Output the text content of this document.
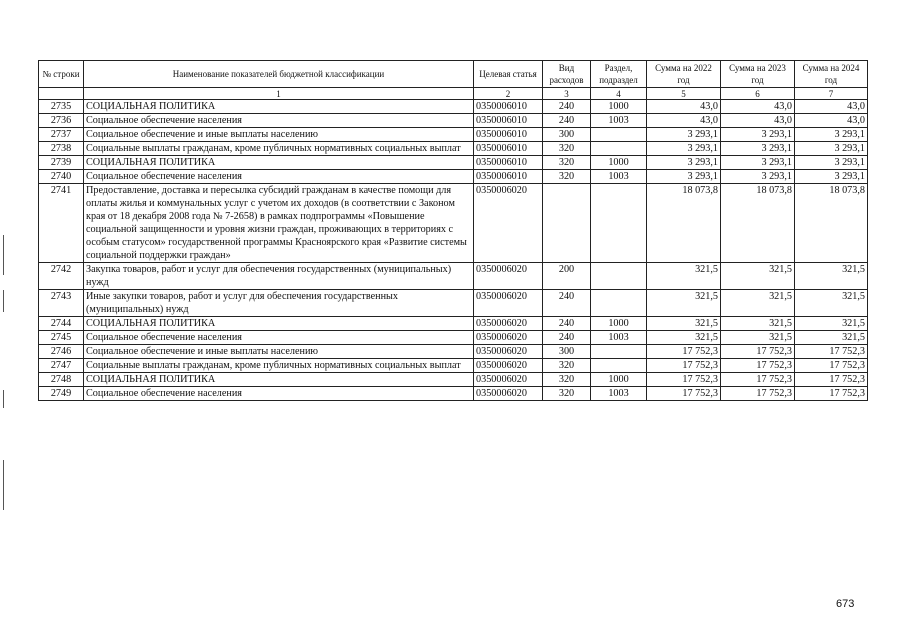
№ строки	Наименование показателей бюджетной классификации	Целевая статья	Вид расходов	Раздел, подраздел	Сумма на 2022 год	Сумма на 2023 год	Сумма на 2024 год
	1	2	3	4	5	6	7
2735	СОЦИАЛЬНАЯ ПОЛИТИКА	0350006010	240	1000	43,0	43,0	43,0
2736	Социальное обеспечение населения	0350006010	240	1003	43,0	43,0	43,0
2737	Социальное обеспечение и иные выплаты населению	0350006010	300		3 293,1	3 293,1	3 293,1
2738	Социальные выплаты гражданам, кроме публичных нормативных социальных выплат	0350006010	320		3 293,1	3 293,1	3 293,1
2739	СОЦИАЛЬНАЯ ПОЛИТИКА	0350006010	320	1000	3 293,1	3 293,1	3 293,1
2740	Социальное обеспечение населения	0350006010	320	1003	3 293,1	3 293,1	3 293,1
2741	Предоставление, доставка и пересылка субсидий гражданам в качестве помощи для оплаты жилья и коммунальных услуг с учетом их доходов (в соответствии с Законом края от 18 декабря 2008 года № 7-2658) в рамках подпрограммы «Повышение социальной защищенности и уровня жизни граждан, проживающих в территориях с особым статусом» государственной программы Красноярского края «Развитие системы социальной поддержки граждан»	0350006020			18 073,8	18 073,8	18 073,8
2742	Закупка товаров, работ и услуг для обеспечения государственных (муниципальных) нужд	0350006020	200		321,5	321,5	321,5
2743	Иные закупки товаров, работ и услуг для обеспечения государственных (муниципальных) нужд	0350006020	240		321,5	321,5	321,5
2744	СОЦИАЛЬНАЯ ПОЛИТИКА	0350006020	240	1000	321,5	321,5	321,5
2745	Социальное обеспечение населения	0350006020	240	1003	321,5	321,5	321,5
2746	Социальное обеспечение и иные выплаты населению	0350006020	300		17 752,3	17 752,3	17 752,3
2747	Социальные выплаты гражданам, кроме публичных нормативных социальных выплат	0350006020	320		17 752,3	17 752,3	17 752,3
2748	СОЦИАЛЬНАЯ ПОЛИТИКА	0350006020	320	1000	17 752,3	17 752,3	17 752,3
2749	Социальное обеспечение населения	0350006020	320	1003	17 752,3	17 752,3	17 752,3
673
